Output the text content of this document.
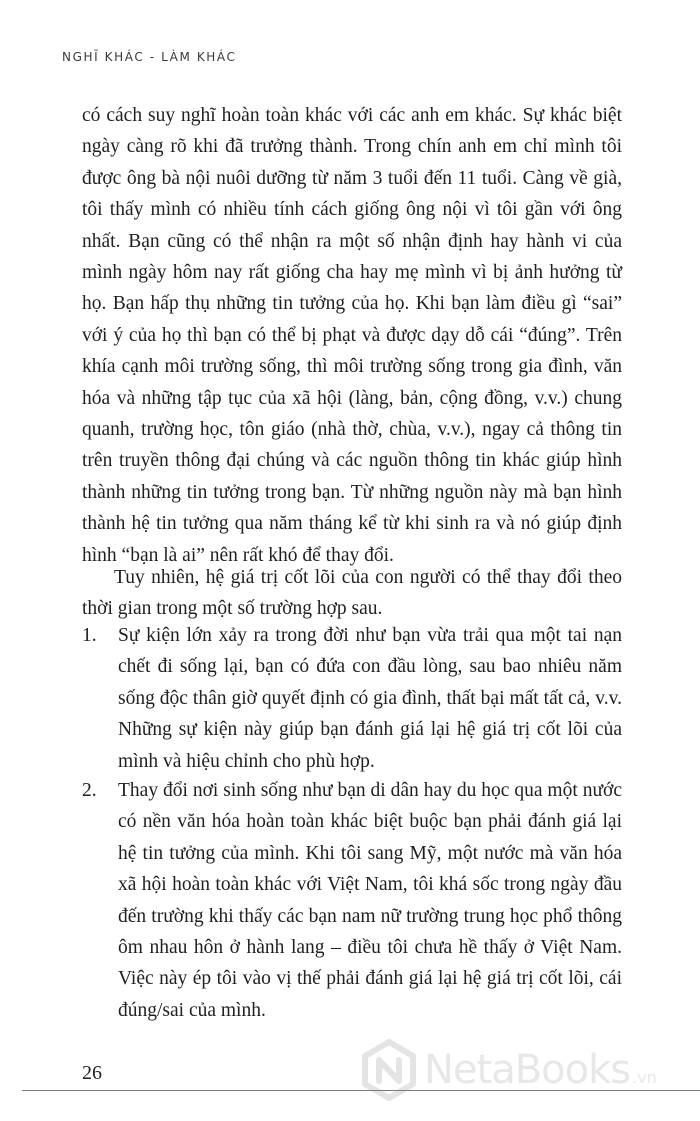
NGHĨ KHÁC - LÀM KHÁC

có cách suy nghĩ hoàn toàn khác với các anh em khác. Sự khác biệt ngày càng rõ khi đã trưởng thành. Trong chín anh em chỉ mình tôi được ông bà nội nuôi dưỡng từ năm 3 tuổi đến 11 tuổi. Càng về già, tôi thấy mình có nhiều tính cách giống ông nội vì tôi gần với ông nhất. Bạn cũng có thể nhận ra một số nhận định hay hành vi của mình ngày hôm nay rất giống cha hay mẹ mình vì bị ảnh hưởng từ họ. Bạn hấp thụ những tin tưởng của họ. Khi bạn làm điều gì “sai” với ý của họ thì bạn có thể bị phạt và được dạy dỗ cái “đúng”. Trên khía cạnh môi trường sống, thì môi trường sống trong gia đình, văn hóa và những tập tục của xã hội (làng, bản, cộng đồng, v.v.) chung quanh, trường học, tôn giáo (nhà thờ, chùa, v.v.), ngay cả thông tin trên truyền thông đại chúng và các nguồn thông tin khác giúp hình thành những tin tưởng trong bạn. Từ những nguồn này mà bạn hình thành hệ tin tưởng qua năm tháng kể từ khi sinh ra và nó giúp định hình “bạn là ai” nên rất khó để thay đổi.

Tuy nhiên, hệ giá trị cốt lõi của con người có thể thay đổi theo thời gian trong một số trường hợp sau.

1.	Sự kiện lớn xảy ra trong đời như bạn vừa trải qua một tai nạn chết đi sống lại, bạn có đứa con đầu lòng, sau bao nhiêu năm sống độc thân giờ quyết định có gia đình, thất bại mất tất cả, v.v. Những sự kiện này giúp bạn đánh giá lại hệ giá trị cốt lõi của mình và hiệu chỉnh cho phù hợp.
2.	Thay đổi nơi sinh sống như bạn di dân hay du học qua một nước có nền văn hóa hoàn toàn khác biệt buộc bạn phải đánh giá lại hệ tin tưởng của mình. Khi tôi sang Mỹ, một nước mà văn hóa xã hội hoàn toàn khác với Việt Nam, tôi khá sốc trong ngày đầu đến trường khi thấy các bạn nam nữ trường trung học phổ thông ôm nhau hôn ở hành lang – điều tôi chưa hề thấy ở Việt Nam. Việc này ép tôi vào vị thế phải đánh giá lại hệ giá trị cốt lõi, cái đúng/sai của mình.
26	NetaBooks .vn
